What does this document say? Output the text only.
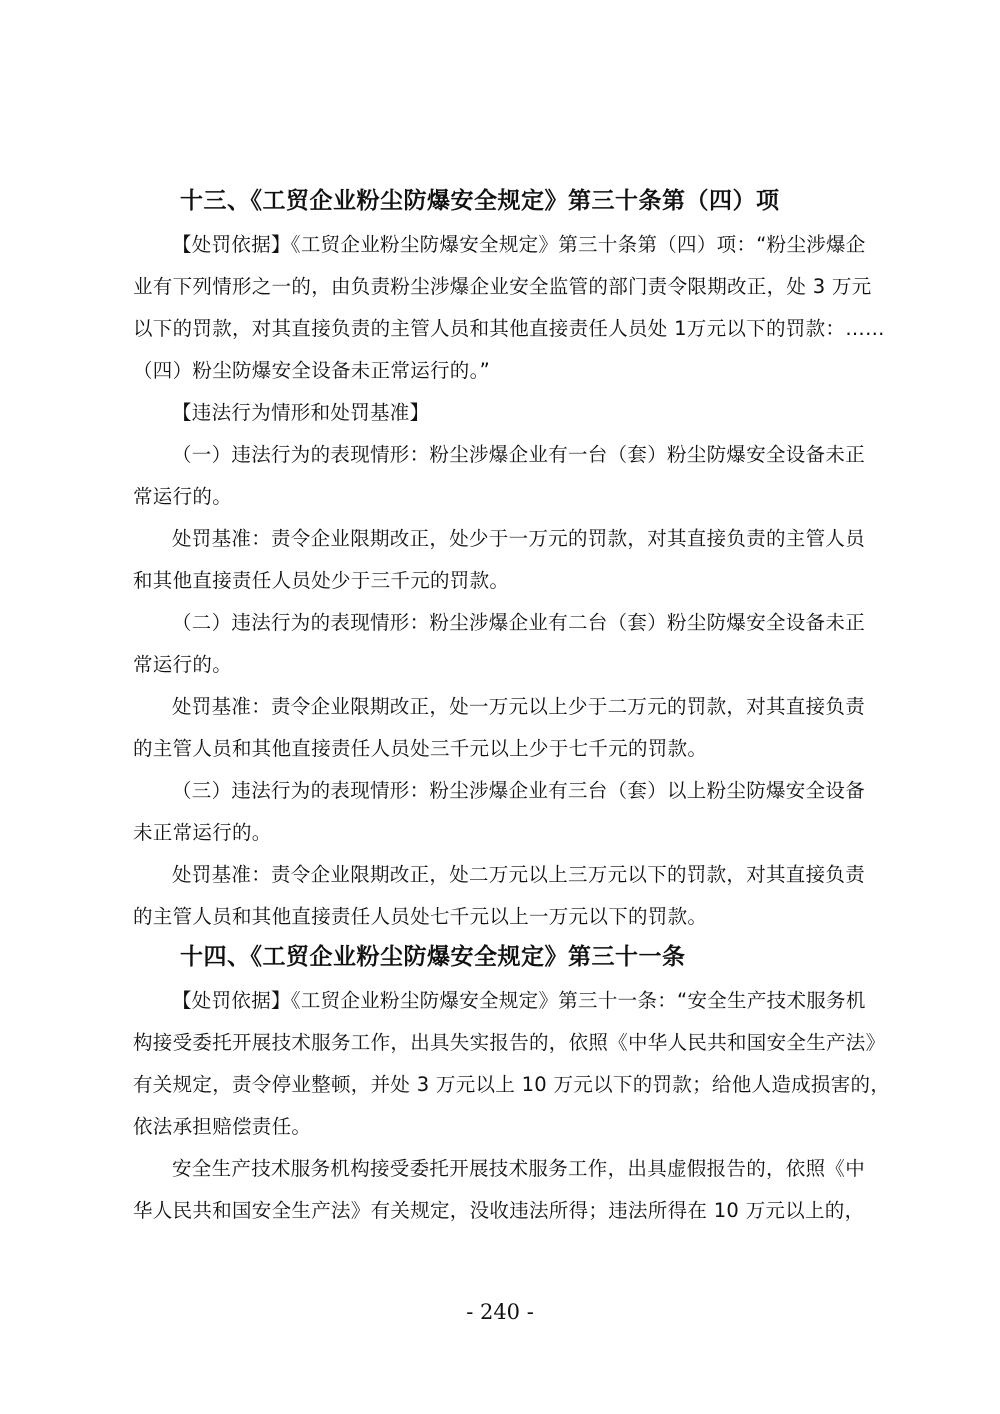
十三、《工贸企业粉尘防爆安全规定》第三十条第（四）项
【处罚依据】《工贸企业粉尘防爆安全规定》第三十条第（四）项：“粉尘涉爆企
业有下列情形之一的，由负责粉尘涉爆企业安全监管的部门责令限期改正，处 3 万元
以下的罚款，对其直接负责的主管人员和其他直接责任人员处 1万元以下的罚款：……
（四）粉尘防爆安全设备未正常运行的。”
【违法行为情形和处罚基准】
（一）违法行为的表现情形：粉尘涉爆企业有一台（套）粉尘防爆安全设备未正
常运行的。
处罚基准：责令企业限期改正，处少于一万元的罚款，对其直接负责的主管人员
和其他直接责任人员处少于三千元的罚款。
（二）违法行为的表现情形：粉尘涉爆企业有二台（套）粉尘防爆安全设备未正
常运行的。
处罚基准：责令企业限期改正，处一万元以上少于二万元的罚款，对其直接负责
的主管人员和其他直接责任人员处三千元以上少于七千元的罚款。
（三）违法行为的表现情形：粉尘涉爆企业有三台（套）以上粉尘防爆安全设备
未正常运行的。
处罚基准：责令企业限期改正，处二万元以上三万元以下的罚款，对其直接负责
的主管人员和其他直接责任人员处七千元以上一万元以下的罚款。
十四、《工贸企业粉尘防爆安全规定》第三十一条
【处罚依据】《工贸企业粉尘防爆安全规定》第三十一条：“安全生产技术服务机
构接受委托开展技术服务工作，出具失实报告的，依照《中华人民共和国安全生产法》
有关规定，责令停业整顿，并处 3 万元以上 10 万元以下的罚款；给他人造成损害的，
依法承担赔偿责任。
安全生产技术服务机构接受委托开展技术服务工作，出具虚假报告的，依照《中
华人民共和国安全生产法》有关规定，没收违法所得；违法所得在 10 万元以上的，
- 240 -
